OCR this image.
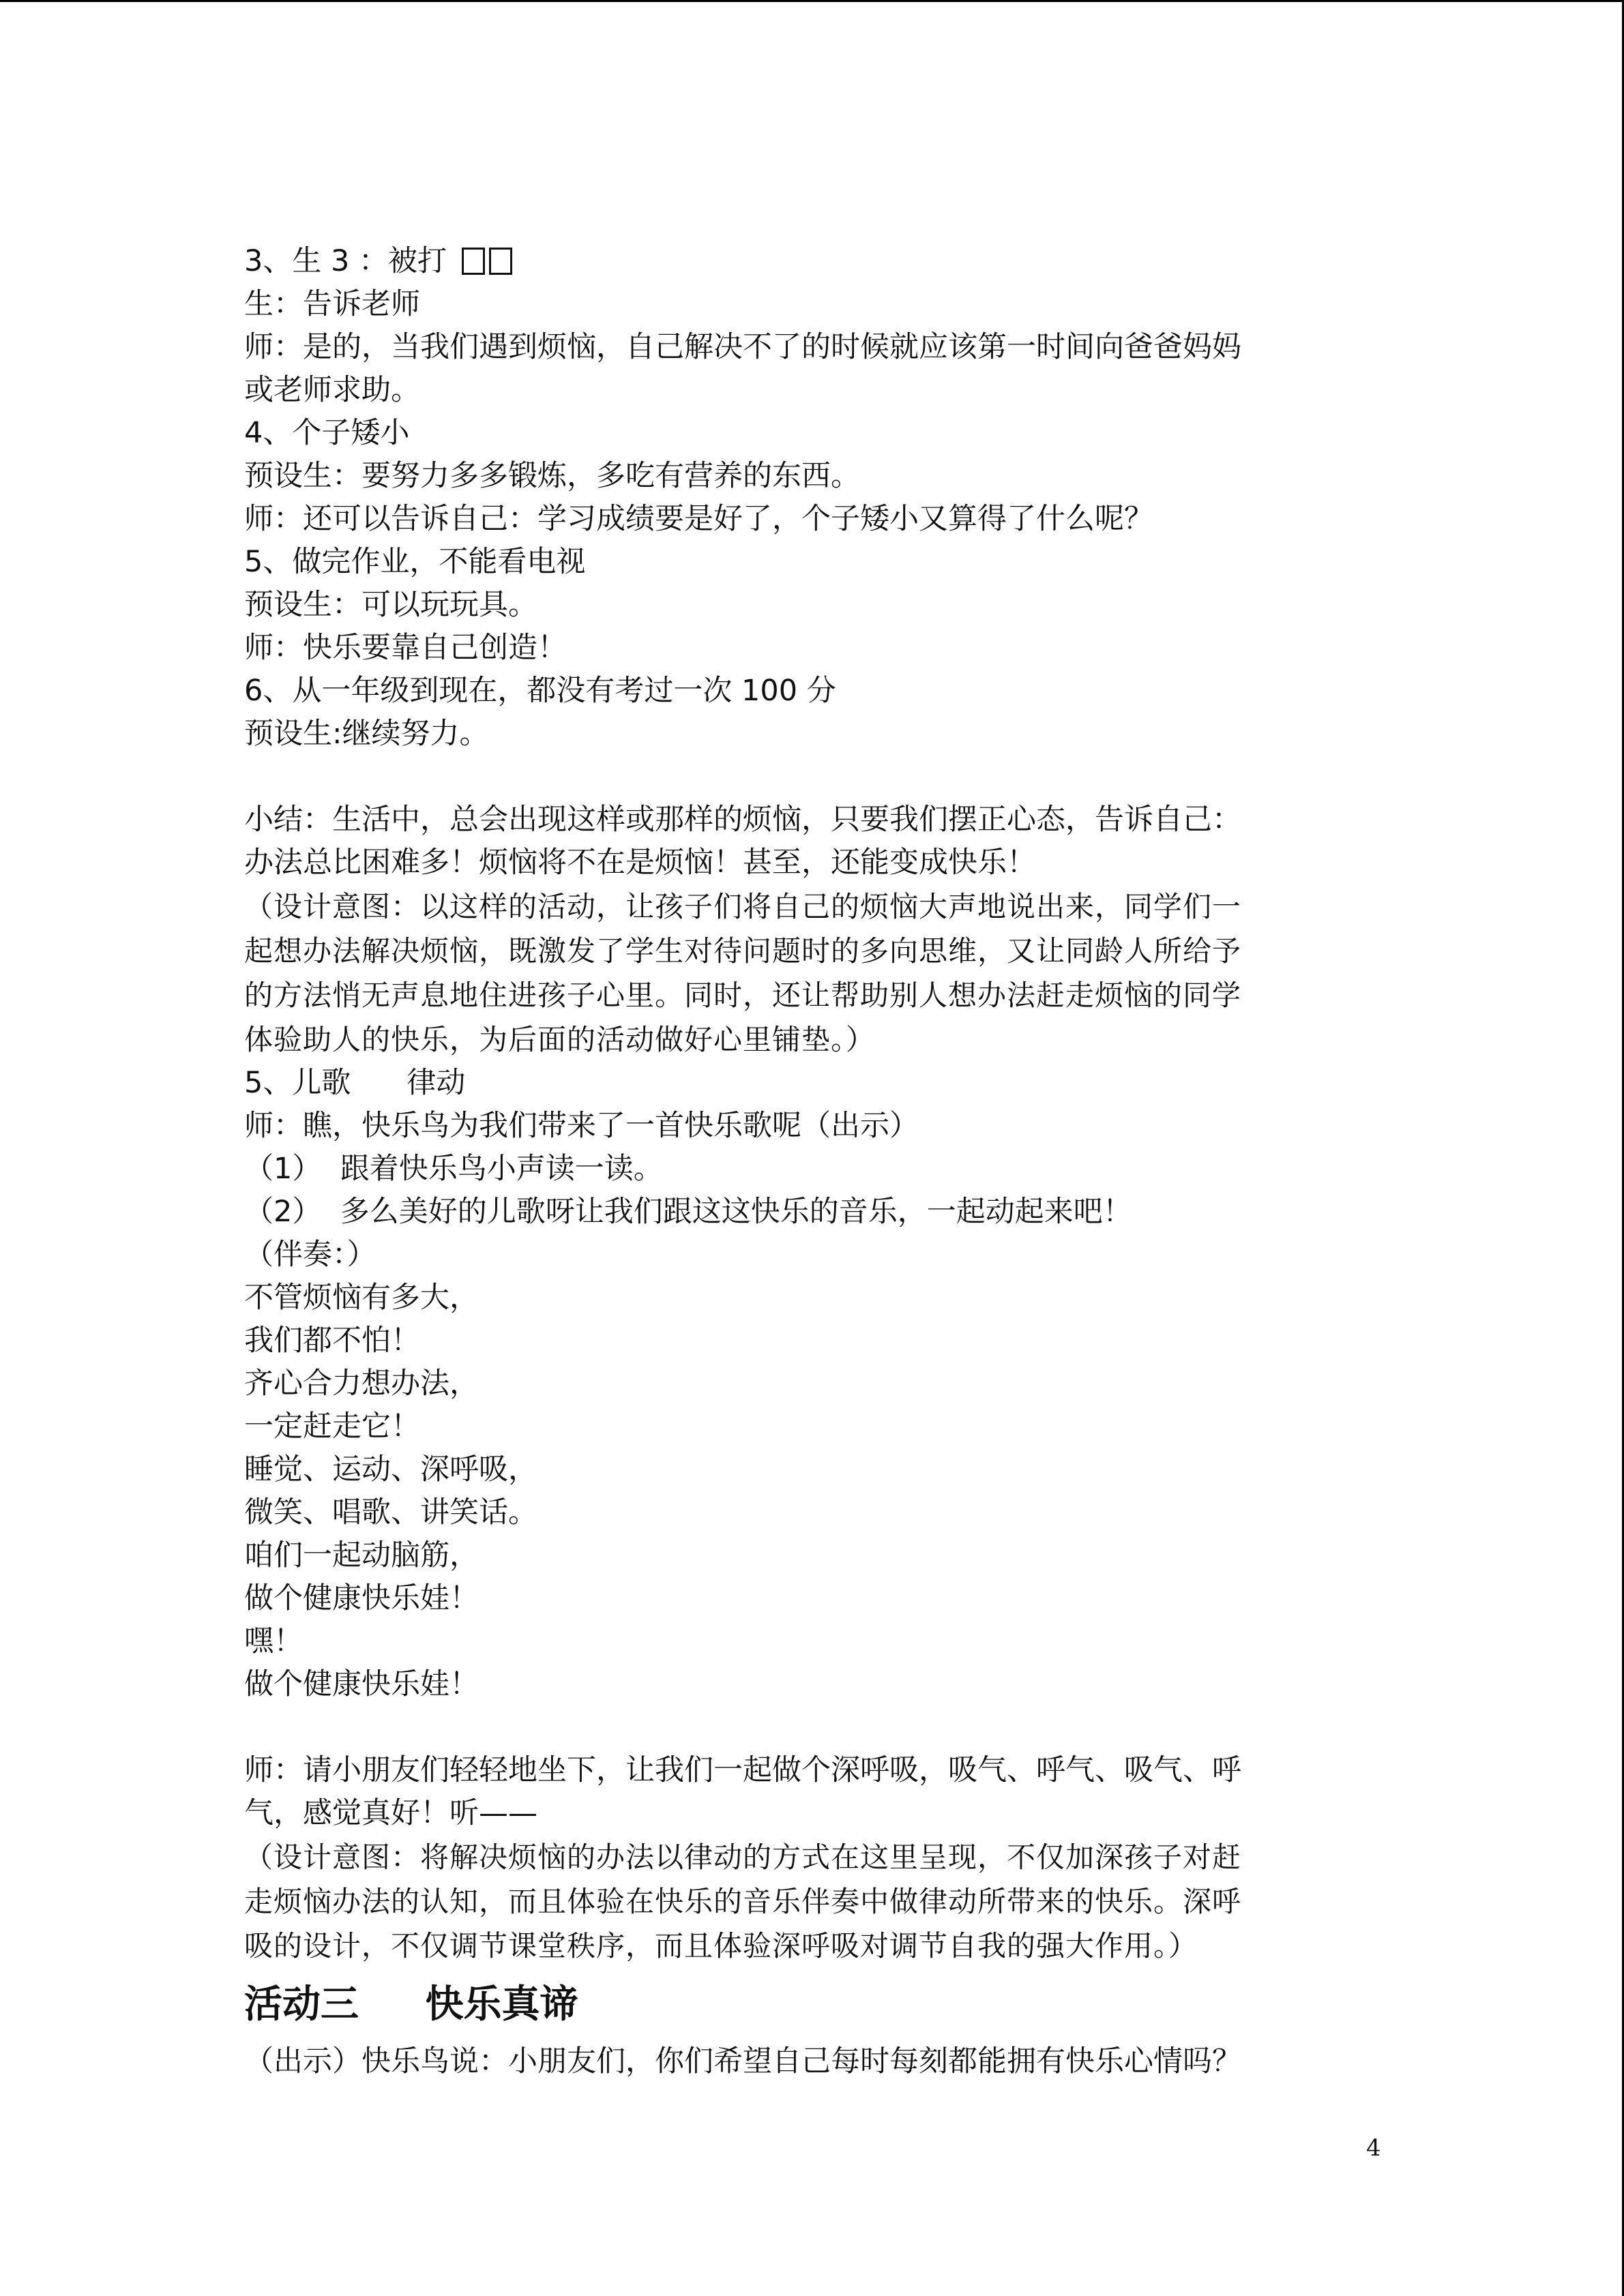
3、生 3 ：被打
生：告诉老师
师：是的，当我们遇到烦恼，自己解决不了的时候就应该第一时间向爸爸妈妈
或老师求助。
4、个子矮小
预设生：要努力多多锻炼，多吃有营养的东西。
师：还可以告诉自己：学习成绩要是好了，个子矮小又算得了什么呢？
5、做完作业，不能看电视
预设生：可以玩玩具。
师：快乐要靠自己创造！
6、从一年级到现在，都没有考过一次 100 分
预设生:继续努力。
小结：生活中，总会出现这样或那样的烦恼，只要我们摆正心态，告诉自己：
办法总比困难多！烦恼将不在是烦恼！甚至，还能变成快乐！
（设计意图：以这样的活动，让孩子们将自己的烦恼大声地说出来，同学们一
起想办法解决烦恼，既激发了学生对待问题时的多向思维，又让同龄人所给予
的方法悄无声息地住进孩子心里。同时，还让帮助别人想办法赶走烦恼的同学
体验助人的快乐，为后面的活动做好心里铺垫。）
5、儿歌      律动
师：瞧，快乐鸟为我们带来了一首快乐歌呢（出示）
（1）  跟着快乐鸟小声读一读。
（2）  多么美好的儿歌呀让我们跟这这快乐的音乐，一起动起来吧！
（伴奏：）
不管烦恼有多大，
我们都不怕！
齐心合力想办法，
一定赶走它！
睡觉、运动、深呼吸，
微笑、唱歌、讲笑话。
咱们一起动脑筋，
做个健康快乐娃！
嘿！
做个健康快乐娃！
师：请小朋友们轻轻地坐下，让我们一起做个深呼吸，吸气、呼气、吸气、呼
气，感觉真好！听——
（设计意图：将解决烦恼的办法以律动的方式在这里呈现，不仅加深孩子对赶
走烦恼办法的认知，而且体验在快乐的音乐伴奏中做律动所带来的快乐。深呼
吸的设计，不仅调节课堂秩序，而且体验深呼吸对调节自我的强大作用。）
活动三     快乐真谛
（出示）快乐鸟说：小朋友们，你们希望自己每时每刻都能拥有快乐心情吗？
4
